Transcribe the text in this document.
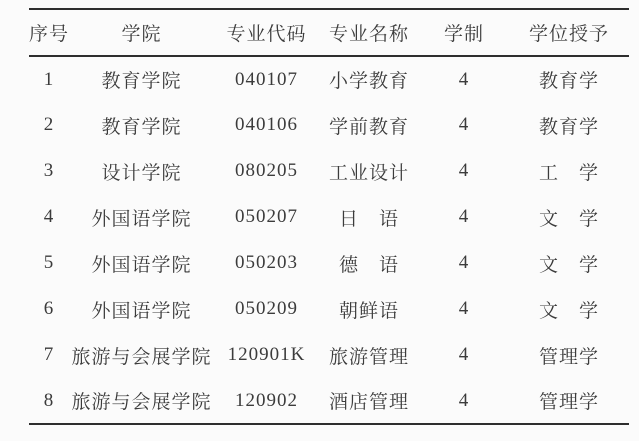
序号	学院	专业代码	专业名称	学制	学位授予
1	教育学院	040107	小学教育	4	教育学
2	教育学院	040106	学前教育	4	教育学
3	设计学院	080205	工业设计	4	工　学
4	外国语学院	050207	日　语	4	文　学
5	外国语学院	050203	德　语	4	文　学
6	外国语学院	050209	朝鲜语	4	文　学
7	旅游与会展学院	120901K	旅游管理	4	管理学
8	旅游与会展学院	120902	酒店管理	4	管理学
